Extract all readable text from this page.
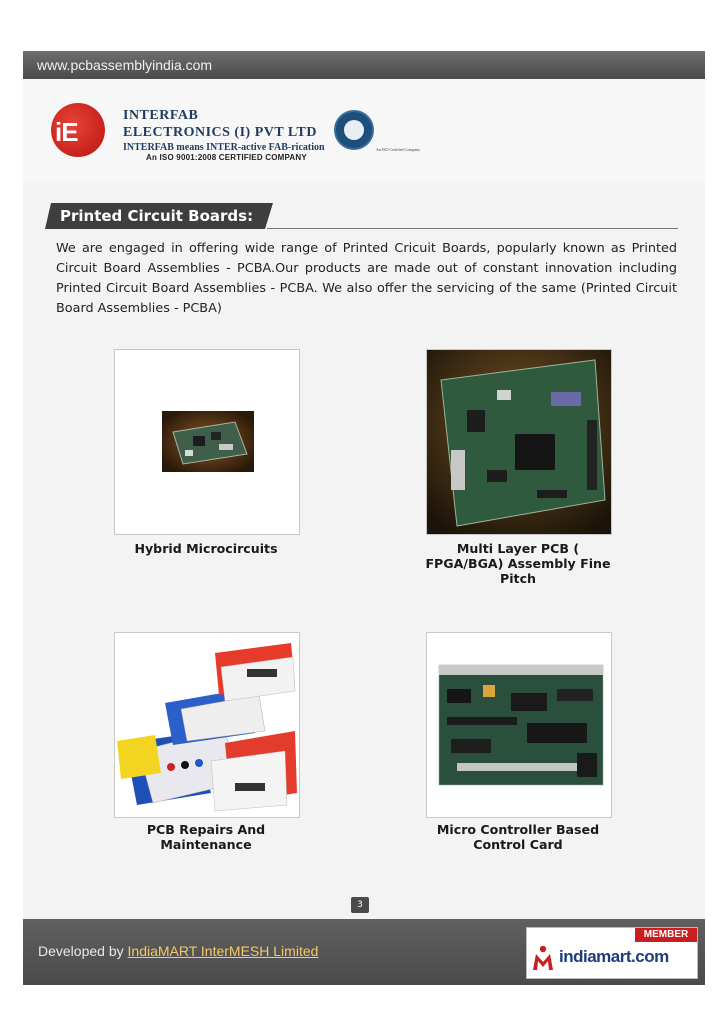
www.pcbassemblyindia.com
iE
INTERFAB
ELECTRONICS (I) PVT LTD
INTERFAB means INTER-active FAB-rication
An ISO 9001:2008 CERTIFIED COMPANY
An ISO Certified Company
Printed Circuit Boards:
We are engaged in offering wide range of Printed Cricuit Boards, popularly known as Printed Circuit Board Assemblies - PCBA.Our products are made out of constant innovation including Printed Circuit Board Assemblies - PCBA. We also offer the servicing of the same (Printed Circuit Board Assemblies - PCBA)
Hybrid Microcircuits	Multi Layer PCB ( FPGA/BGA) Assembly Fine Pitch
PCB Repairs And Maintenance
Micro Controller Based Control Card
3
Developed by IndiaMART InterMESH Limited
MEMBER
indiamart.com
